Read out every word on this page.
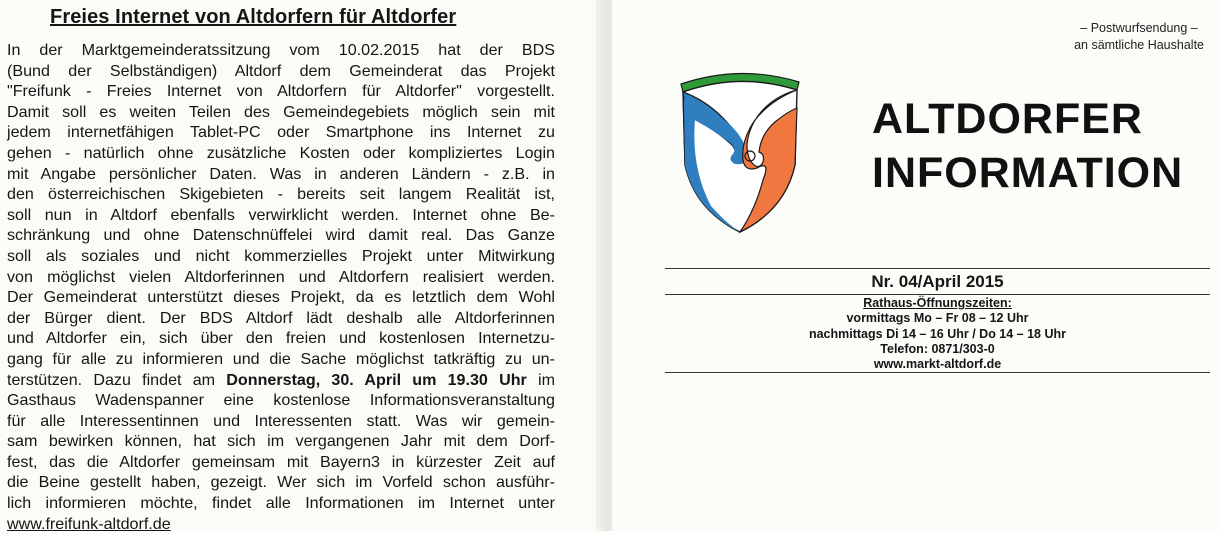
Freies Internet von Altdorfern für Altdorfer
In der Marktgemeinderatssitzung vom 10.02.2015 hat der BDS
(Bund der Selbständigen) Altdorf dem Gemeinderat das Projekt
"Freifunk - Freies Internet von Altdorfern für Altdorfer" vorgestellt.
Damit soll es weiten Teilen des Gemeindegebiets möglich sein mit
jedem internetfähigen Tablet-PC oder Smartphone ins Internet zu
gehen - natürlich ohne zusätzliche Kosten oder kompliziertes Login
mit Angabe persönlicher Daten. Was in anderen Ländern - z.B. in
den österreichischen Skigebieten - bereits seit langem Realität ist,
soll nun in Altdorf ebenfalls verwirklicht werden. Internet ohne Be-
schränkung und ohne Datenschnüffelei wird damit real. Das Ganze
soll als soziales und nicht kommerzielles Projekt unter Mitwirkung
von möglichst vielen Altdorferinnen und Altdorfern realisiert werden.
Der Gemeinderat unterstützt dieses Projekt, da es letztlich dem Wohl
der Bürger dient. Der BDS Altdorf lädt deshalb alle Altdorferinnen
und Altdorfer ein, sich über den freien und kostenlosen Internetzu-
gang für alle zu informieren und die Sache möglichst tatkräftig zu un-
terstützen. Dazu findet am Donnerstag, 30. April um 19.30 Uhr im
Gasthaus Wadenspanner eine kostenlose Informationsveranstaltung
für alle Interessentinnen und Interessenten statt. Was wir gemein-
sam bewirken können, hat sich im vergangenen Jahr mit dem Dorf-
fest, das die Altdorfer gemeinsam mit Bayern3 in kürzester Zeit auf
die Beine gestellt haben, gezeigt. Wer sich im Vorfeld schon ausführ-
lich informieren möchte, findet alle Informationen im Internet unter
www.freifunk-altdorf.de
– Postwurfsendung –
an sämtliche Haushalte
ALTDORFER
INFORMATION
Nr. 04/April 2015
Rathaus-Öffnungszeiten:
vormittags Mo – Fr 08 – 12 Uhr
nachmittags Di 14 – 16 Uhr / Do 14 – 18 Uhr
Telefon: 0871/303-0
www.markt-altdorf.de
